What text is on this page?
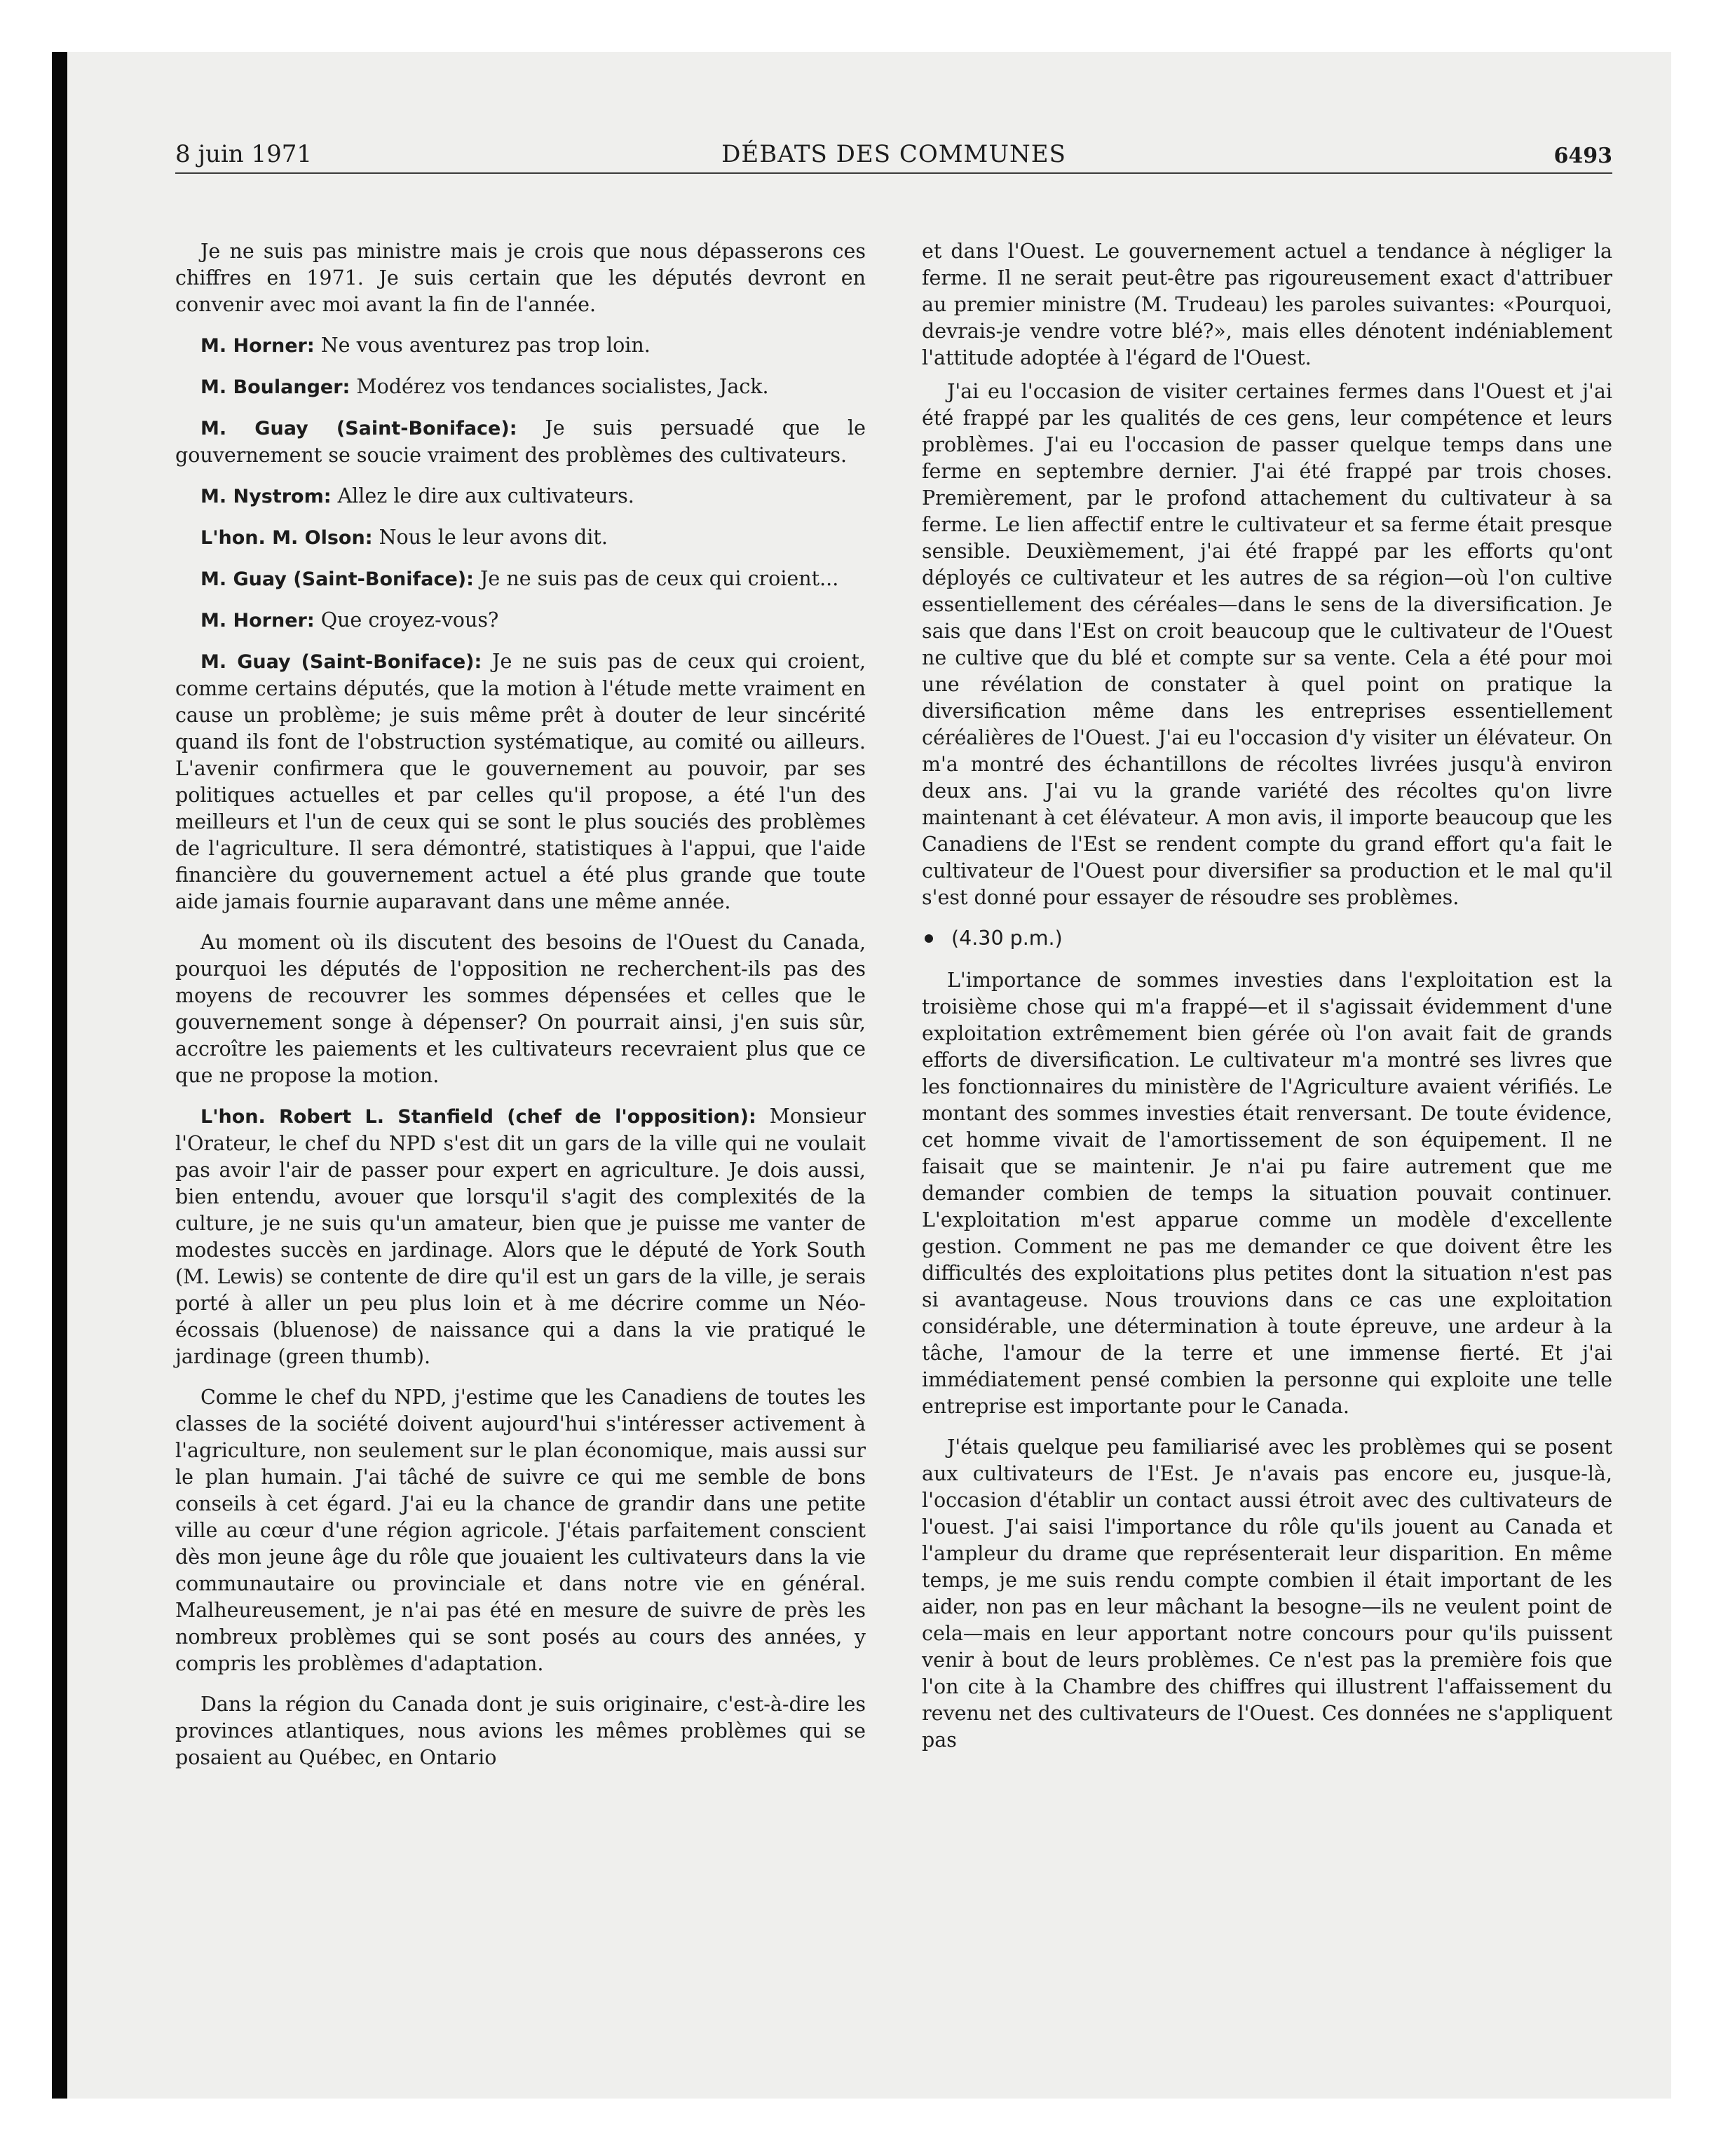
8 juin 1971	DÉBATS DES COMMUNES	6493

Je ne suis pas ministre mais je crois que nous dépasserons ces chiffres en 1971. Je suis certain que les députés devront en convenir avec moi avant la fin de l'année.

M. Horner: Ne vous aventurez pas trop loin.

M. Boulanger: Modérez vos tendances socialistes, Jack.

M. Guay (Saint-Boniface): Je suis persuadé que le gouvernement se soucie vraiment des problèmes des cultivateurs.

M. Nystrom: Allez le dire aux cultivateurs.

L'hon. M. Olson: Nous le leur avons dit.

M. Guay (Saint-Boniface): Je ne suis pas de ceux qui croient...

M. Horner: Que croyez-vous?

M. Guay (Saint-Boniface): Je ne suis pas de ceux qui croient, comme certains députés, que la motion à l'étude mette vraiment en cause un problème; je suis même prêt à douter de leur sincérité quand ils font de l'obstruction systématique, au comité ou ailleurs. L'avenir confirmera que le gouvernement au pouvoir, par ses politiques actuelles et par celles qu'il propose, a été l'un des meilleurs et l'un de ceux qui se sont le plus souciés des problèmes de l'agriculture. Il sera démontré, statistiques à l'appui, que l'aide financière du gouvernement actuel a été plus grande que toute aide jamais fournie auparavant dans une même année.

Au moment où ils discutent des besoins de l'Ouest du Canada, pourquoi les députés de l'opposition ne recherchent-ils pas des moyens de recouvrer les sommes dépensées et celles que le gouvernement songe à dépenser? On pourrait ainsi, j'en suis sûr, accroître les paiements et les cultivateurs recevraient plus que ce que ne propose la motion.

L'hon. Robert L. Stanfield (chef de l'opposition): Monsieur l'Orateur, le chef du NPD s'est dit un gars de la ville qui ne voulait pas avoir l'air de passer pour expert en agriculture. Je dois aussi, bien entendu, avouer que lorsqu'il s'agit des complexités de la culture, je ne suis qu'un amateur, bien que je puisse me vanter de modestes succès en jardinage. Alors que le député de York South (M. Lewis) se contente de dire qu'il est un gars de la ville, je serais porté à aller un peu plus loin et à me décrire comme un Néo-écossais (bluenose) de naissance qui a dans la vie pratiqué le jardinage (green thumb).

Comme le chef du NPD, j'estime que les Canadiens de toutes les classes de la société doivent aujourd'hui s'intéresser activement à l'agriculture, non seulement sur le plan économique, mais aussi sur le plan humain. J'ai tâché de suivre ce qui me semble de bons conseils à cet égard. J'ai eu la chance de grandir dans une petite ville au cœur d'une région agricole. J'étais parfaitement conscient dès mon jeune âge du rôle que jouaient les cultivateurs dans la vie communautaire ou provinciale et dans notre vie en général. Malheureusement, je n'ai pas été en mesure de suivre de près les nombreux problèmes qui se sont posés au cours des années, y compris les problèmes d'adaptation.

Dans la région du Canada dont je suis originaire, c'est-à-dire les provinces atlantiques, nous avions les mêmes problèmes qui se posaient au Québec, en Ontario

et dans l'Ouest. Le gouvernement actuel a tendance à négliger la ferme. Il ne serait peut-être pas rigoureusement exact d'attribuer au premier ministre (M. Trudeau) les paroles suivantes: «Pourquoi, devrais-je vendre votre blé?», mais elles dénotent indéniablement l'attitude adoptée à l'égard de l'Ouest.

J'ai eu l'occasion de visiter certaines fermes dans l'Ouest et j'ai été frappé par les qualités de ces gens, leur compétence et leurs problèmes. J'ai eu l'occasion de passer quelque temps dans une ferme en septembre dernier. J'ai été frappé par trois choses. Premièrement, par le profond attachement du cultivateur à sa ferme. Le lien affectif entre le cultivateur et sa ferme était presque sensible. Deuxièmement, j'ai été frappé par les efforts qu'ont déployés ce cultivateur et les autres de sa région—où l'on cultive essentiellement des céréales—dans le sens de la diversification. Je sais que dans l'Est on croit beaucoup que le cultivateur de l'Ouest ne cultive que du blé et compte sur sa vente. Cela a été pour moi une révélation de constater à quel point on pratique la diversification même dans les entreprises essentiellement céréalières de l'Ouest. J'ai eu l'occasion d'y visiter un élévateur. On m'a montré des échantillons de récoltes livrées jusqu'à environ deux ans. J'ai vu la grande variété des récoltes qu'on livre maintenant à cet élévateur. A mon avis, il importe beaucoup que les Canadiens de l'Est se rendent compte du grand effort qu'a fait le cultivateur de l'Ouest pour diversifier sa production et le mal qu'il s'est donné pour essayer de résoudre ses problèmes.

(4.30 p.m.)

L'importance de sommes investies dans l'exploitation est la troisième chose qui m'a frappé—et il s'agissait évidemment d'une exploitation extrêmement bien gérée où l'on avait fait de grands efforts de diversification. Le cultivateur m'a montré ses livres que les fonctionnaires du ministère de l'Agriculture avaient vérifiés. Le montant des sommes investies était renversant. De toute évidence, cet homme vivait de l'amortissement de son équipement. Il ne faisait que se maintenir. Je n'ai pu faire autrement que me demander combien de temps la situation pouvait continuer. L'exploitation m'est apparue comme un modèle d'excellente gestion. Comment ne pas me demander ce que doivent être les difficultés des exploitations plus petites dont la situation n'est pas si avantageuse. Nous trouvions dans ce cas une exploitation considérable, une détermination à toute épreuve, une ardeur à la tâche, l'amour de la terre et une immense fierté. Et j'ai immédiatement pensé combien la personne qui exploite une telle entreprise est importante pour le Canada.

J'étais quelque peu familiarisé avec les problèmes qui se posent aux cultivateurs de l'Est. Je n'avais pas encore eu, jusque-là, l'occasion d'établir un contact aussi étroit avec des cultivateurs de l'ouest. J'ai saisi l'importance du rôle qu'ils jouent au Canada et l'ampleur du drame que représenterait leur disparition. En même temps, je me suis rendu compte combien il était important de les aider, non pas en leur mâchant la besogne—ils ne veulent point de cela—mais en leur apportant notre concours pour qu'ils puissent venir à bout de leurs problèmes. Ce n'est pas la première fois que l'on cite à la Chambre des chiffres qui illustrent l'affaissement du revenu net des cultivateurs de l'Ouest. Ces données ne s'appliquent pas
